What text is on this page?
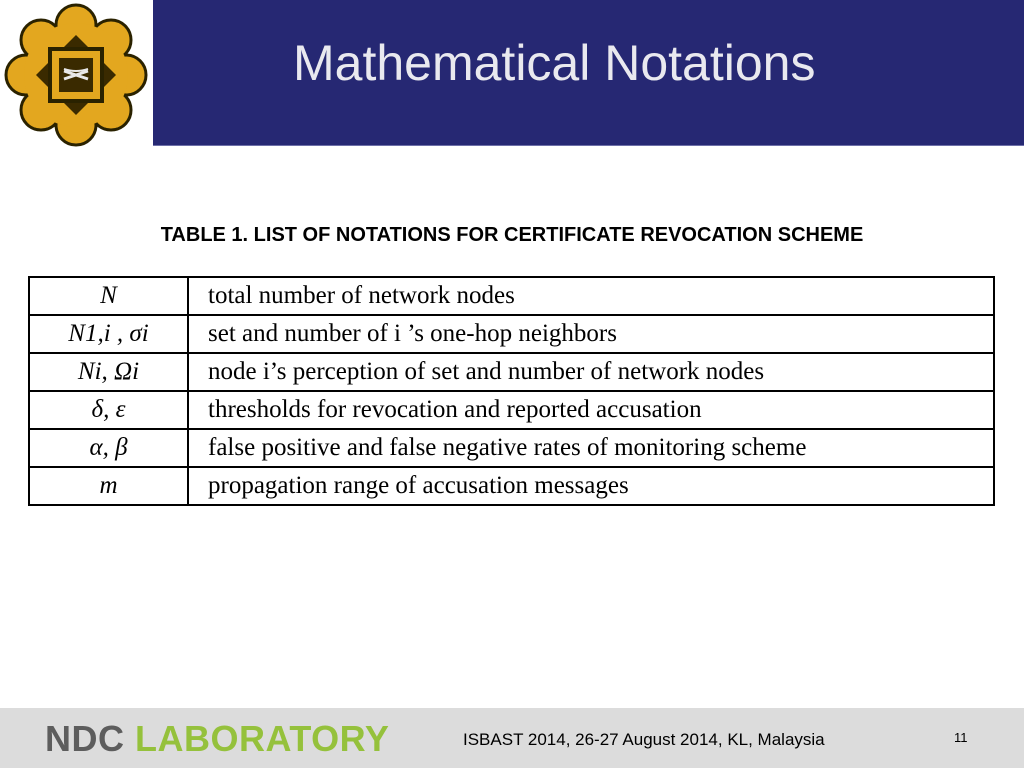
Mathematical Notations
TABLE 1. LIST OF NOTATIONS FOR CERTIFICATE REVOCATION SCHEME
N	total number of network nodes
N1,i , σi	set and number of i ’s one-hop neighbors
Ni, Ωi	node i’s perception of set and number of network nodes
δ, ε	thresholds for revocation and reported accusation
α, β	false positive and false negative rates of monitoring scheme
m	propagation range of accusation messages
NDC LABORATORY	ISBAST 2014, 26-27 August 2014, KL, Malaysia	11
